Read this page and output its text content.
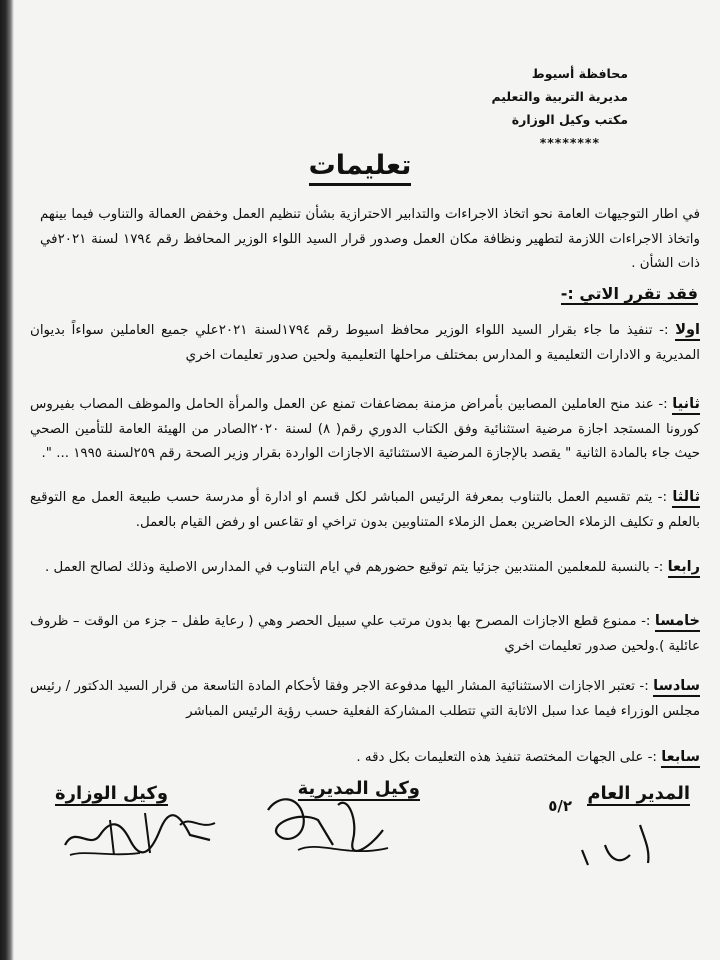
محافظة أسيوط
مديرية التربية والتعليم
مكتب وكيل الوزارة
********
تعليمات
في اطار التوجيهات العامة نحو اتخاذ الاجراءات والتدابير الاحترازية بشأن تنظيم العمل وخفض العمالة والتناوب فيما بينهم واتخاذ الاجراءات اللازمة لتطهير ونظافة مكان العمل وصدور قرار السيد اللواء الوزير المحافظ رقم ١٧٩٤ لسنة ٢٠٢١في ذات الشأن .
فقد تقرر الاتي :-
اولا :- تنفيذ ما جاء بقرار السيد اللواء الوزير محافظ اسيوط رقم ١٧٩٤لسنة ٢٠٢١علي جميع العاملين سواءاً بديوان المديرية و الادارات التعليمية و المدارس بمختلف مراحلها التعليمية ولحين صدور تعليمات اخري
ثانيا :- عند منح العاملين المصابين بأمراض مزمنة بمضاعفات تمنع عن العمل والمرأة الحامل والموظف المصاب بفيروس كورونا المستجد اجازة مرضية استثنائية وفق الكتاب الدوري رقم( ٨) لسنة ٢٠٢٠الصادر من الهيئة العامة للتأمين الصحي حيث جاء بالمادة الثانية " يقصد بالإجازة المرضية الاستثنائية الاجازات الواردة بقرار وزير الصحة رقم ٢٥٩لسنة ١٩٩٥ ... ".
ثالثا :- يتم تقسيم العمل بالتناوب بمعرفة الرئيس المباشر لكل قسم او ادارة أو مدرسة حسب طبيعة العمل مع التوقيع بالعلم و تكليف الزملاء الحاضرين بعمل الزملاء المتناوبين بدون تراخي او تقاعس او رفض القيام بالعمل.
رابعا :- بالنسبة للمعلمين المنتدبين جزئيا يتم توقيع حضورهم في ايام التناوب في المدارس الاصلية وذلك لصالح العمل .
خامسا :- ممنوع قطع الاجازات المصرح بها بدون مرتب علي سبيل الحصر وهي ( رعاية طفل – جزء من الوقت – ظروف عائلية ).ولحين صدور تعليمات اخري
سادسا :- تعتبر الاجازات الاستثنائية المشار اليها مدفوعة الاجر وفقا لأحكام المادة التاسعة من قرار السيد الدكتور / رئيس مجلس الوزراء فيما عدا سبل الاثابة التي تتطلب المشاركة الفعلية حسب رؤية الرئيس المباشر
سابعا :- على الجهات المختصة تنفيذ هذه التعليمات بكل دقه .
المدير العام
وكيل المديرية
وكيل الوزارة
٥/٢
